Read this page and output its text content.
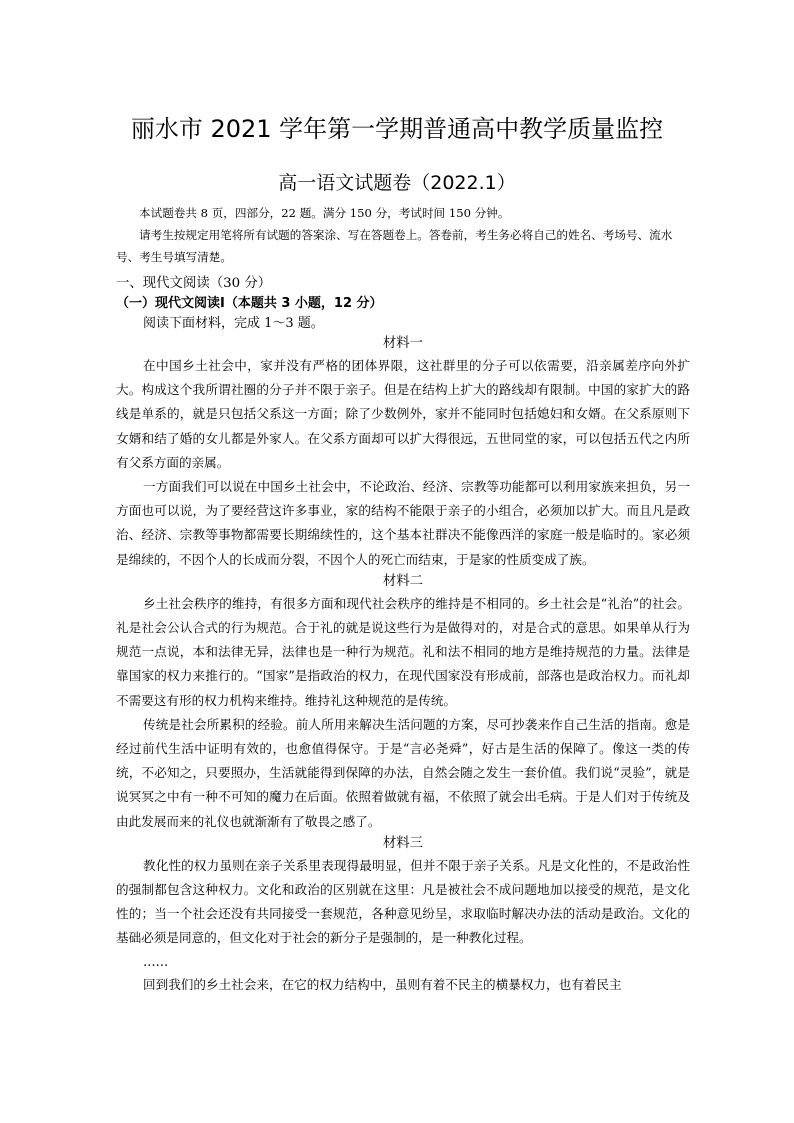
丽水市 2021 学年第一学期普通高中教学质量监控
高一语文试题卷（2022.1）

本试题卷共 8 页，四部分，22 题。满分 150 分，考试时间 150 分钟。

请考生按规定用笔将所有试题的答案涂、写在答题卷上。答卷前，考生务必将自己的姓名、考场号、流水号、考生号填写清楚。

一、现代文阅读（30 分）

（一）现代文阅读Ⅰ（本题共 3 小题，12 分）

阅读下面材料，完成 1～3 题。

材料一

在中国乡土社会中，家并没有严格的团体界限，这社群里的分子可以依需要，沿亲属差序向外扩大。构成这个我所谓社圈的分子并不限于亲子。但是在结构上扩大的路线却有限制。中国的家扩大的路线是单系的，就是只包括父系这一方面；除了少数例外，家并不能同时包括媳妇和女婿。在父系原则下女婿和结了婚的女儿都是外家人。在父系方面却可以扩大得很远，五世同堂的家，可以包括五代之内所有父系方面的亲属。

一方面我们可以说在中国乡土社会中，不论政治、经济、宗教等功能都可以利用家族来担负，另一方面也可以说，为了要经营这许多事业，家的结构不能限于亲子的小组合，必须加以扩大。而且凡是政治、经济、宗教等事物都需要长期绵续性的，这个基本社群决不能像西洋的家庭一般是临时的。家必须是绵续的，不因个人的长成而分裂，不因个人的死亡而结束，于是家的性质变成了族。

材料二

乡土社会秩序的维持，有很多方面和现代社会秩序的维持是不相同的。乡土社会是“礼治”的社会。礼是社会公认合式的行为规范。合于礼的就是说这些行为是做得对的，对是合式的意思。如果单从行为规范一点说，本和法律无异，法律也是一种行为规范。礼和法不相同的地方是维持规范的力量。法律是靠国家的权力来推行的。“国家”是指政治的权力，在现代国家没有形成前，部落也是政治权力。而礼却不需要这有形的权力机构来维持。维持礼这种规范的是传统。

传统是社会所累积的经验。前人所用来解决生活问题的方案，尽可抄袭来作自己生活的指南。愈是经过前代生活中证明有效的，也愈值得保守。于是“言必尧舜”，好古是生活的保障了。像这一类的传统，不必知之，只要照办，生活就能得到保障的办法，自然会随之发生一套价值。我们说“灵验”，就是说冥冥之中有一种不可知的魔力在后面。依照着做就有福，不依照了就会出毛病。于是人们对于传统及由此发展而来的礼仪也就渐渐有了敬畏之感了。

材料三

教化性的权力虽则在亲子关系里表现得最明显，但并不限于亲子关系。凡是文化性的，不是政治性的强制都包含这种权力。文化和政治的区别就在这里：凡是被社会不成问题地加以接受的规范，是文化性的；当一个社会还没有共同接受一套规范，各种意见纷呈，求取临时解决办法的活动是政治。文化的基础必须是同意的，但文化对于社会的新分子是强制的，是一种教化过程。

……

回到我们的乡土社会来，在它的权力结构中，虽则有着不民主的横暴权力，也有着民主
